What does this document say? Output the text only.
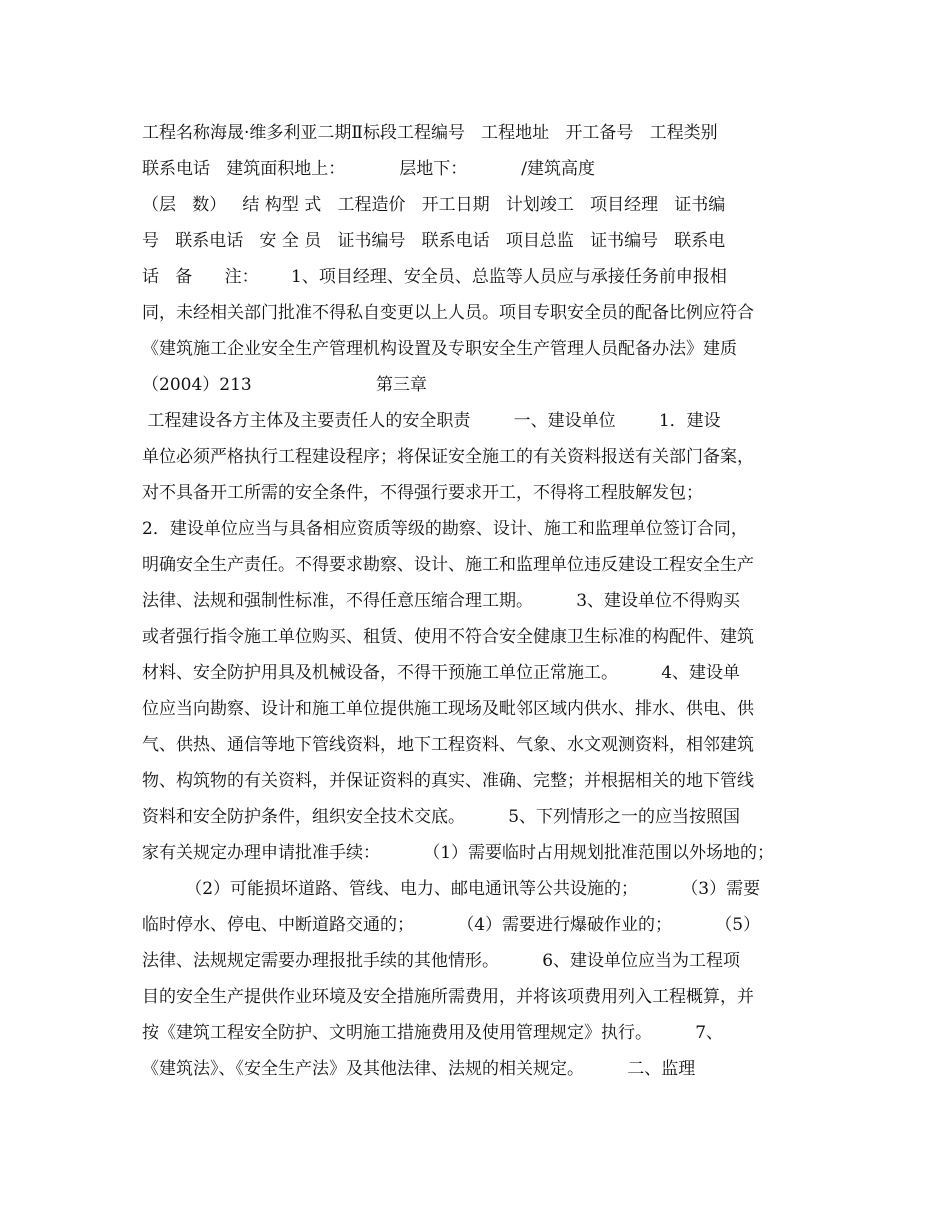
工程名称海晟·维多利亚二期Ⅱ标段工程编号   工程地址   开工备号   工程类别
联系电话   建筑面积地上：          层地下：          /建筑高度
（层   数）   结 构型 式   工程造价   开工日期   计划竣工   项目经理   证书编
号   联系电话   安 全 员   证书编号   联系电话   项目总监   证书编号   联系电
话   备      注：      1、项目经理、安全员、总监等人员应与承接任务前申报相
同，未经相关部门批准不得私自变更以上人员。项目专职安全员的配备比例应符合
《建筑施工企业安全生产管理机构设置及专职安全生产管理人员配备办法》建质
（2004）213                       第三章
工程建设各方主体及主要责任人的安全职责        一、建设单位        1．建设
单位必须严格执行工程建设程序；将保证安全施工的有关资料报送有关部门备案，
对不具备开工所需的安全条件，不得强行要求开工，不得将工程肢解发包；
2．建设单位应当与具备相应资质等级的勘察、设计、施工和监理单位签订合同，
明确安全生产责任。不得要求勘察、设计、施工和监理单位违反建设工程安全生产
法律、法规和强制性标准，不得任意压缩合理工期。        3、建设单位不得购买
或者强行指令施工单位购买、租赁、使用不符合安全健康卫生标准的构配件、建筑
材料、安全防护用具及机械设备，不得干预施工单位正常施工。        4、建设单
位应当向勘察、设计和施工单位提供施工现场及毗邻区域内供水、排水、供电、供
气、供热、通信等地下管线资料，地下工程资料、气象、水文观测资料，相邻建筑
物、构筑物的有关资料，并保证资料的真实、准确、完整；并根据相关的地下管线
资料和安全防护条件，组织安全技术交底。        5、下列情形之一的应当按照国
家有关规定办理申请批准手续：        （1）需要临时占用规划批准范围以外场地的；
（2）可能损坏道路、管线、电力、邮电通讯等公共设施的；        （3）需要
临时停水、停电、中断道路交通的；        （4）需要进行爆破作业的；        （5）
法律、法规规定需要办理报批手续的其他情形。        6、建设单位应当为工程项
目的安全生产提供作业环境及安全措施所需费用，并将该项费用列入工程概算，并
按《建筑工程安全防护、文明施工措施费用及使用管理规定》执行。        7、
《建筑法》、《安全生产法》及其他法律、法规的相关规定。        二、监理
